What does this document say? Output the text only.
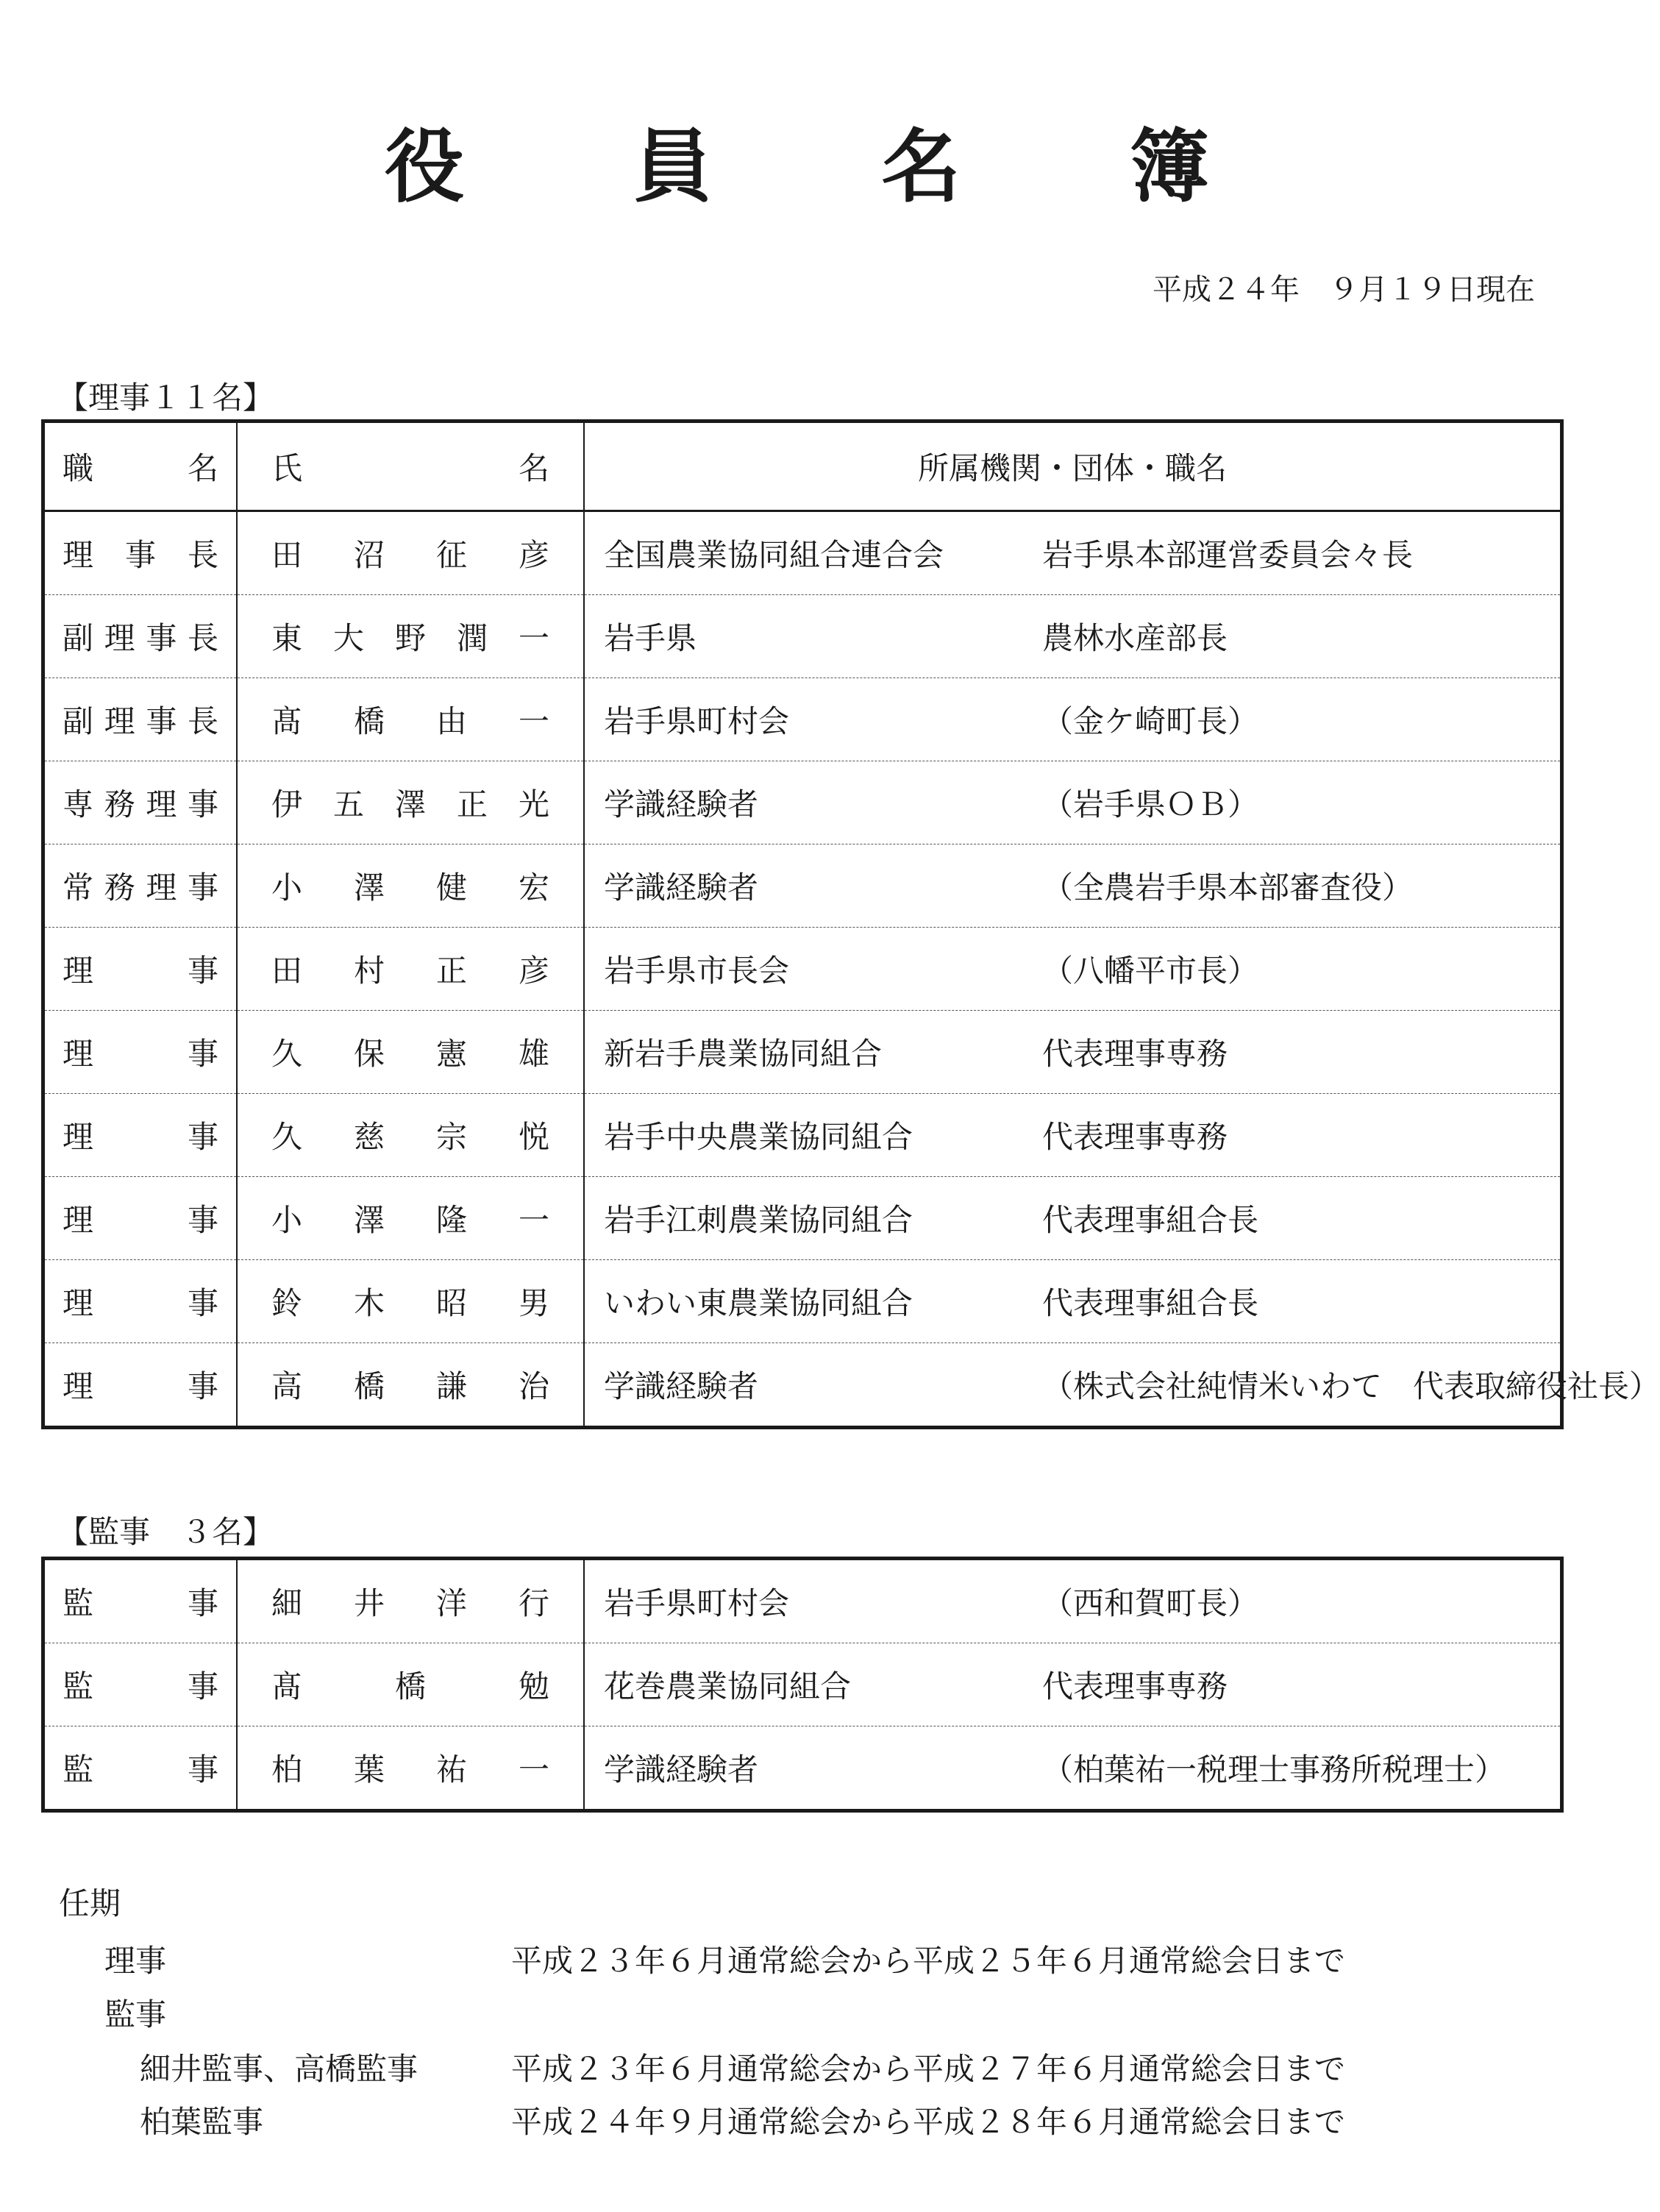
役 員 名 簿
平成２４年　９月１９日現在
【理事１１名】
職 名	氏 名	所属機関・団体・職名
理事長	田沼征彦	全国農業協同組合連合会 岩手県本部運営委員会々長
副理事長	東大野潤一	岩手県 農林水産部長
副理事長	髙橋由一	岩手県町村会 （金ケ崎町長）
専務理事	伊五澤正光	学識経験者 （岩手県ＯＢ）
常務理事	小澤健宏	学識経験者 （全農岩手県本部審査役）
理事	田村正彦	岩手県市長会 （八幡平市長）
理事	久保憲雄	新岩手農業協同組合 代表理事専務
理事	久慈宗悦	岩手中央農業協同組合 代表理事専務
理事	小澤隆一	岩手江刺農業協同組合 代表理事組合長
理事	鈴木昭男	いわい東農業協同組合 代表理事組合長
理事	高橋謙治	学識経験者 （株式会社純情米いわて　代表取締役社長）
【監事　３名】
監事	細井洋行	岩手県町村会 （西和賀町長）
監事	髙橋勉	花巻農業協同組合 代表理事専務
監事	柏葉祐一	学識経験者 （柏葉祐一税理士事務所税理士）
任期
理事	平成２３年６月通常総会から平成２５年６月通常総会日まで
監事
細井監事、高橋監事	平成２３年６月通常総会から平成２７年６月通常総会日まで
柏葉監事	平成２４年９月通常総会から平成２８年６月通常総会日まで
